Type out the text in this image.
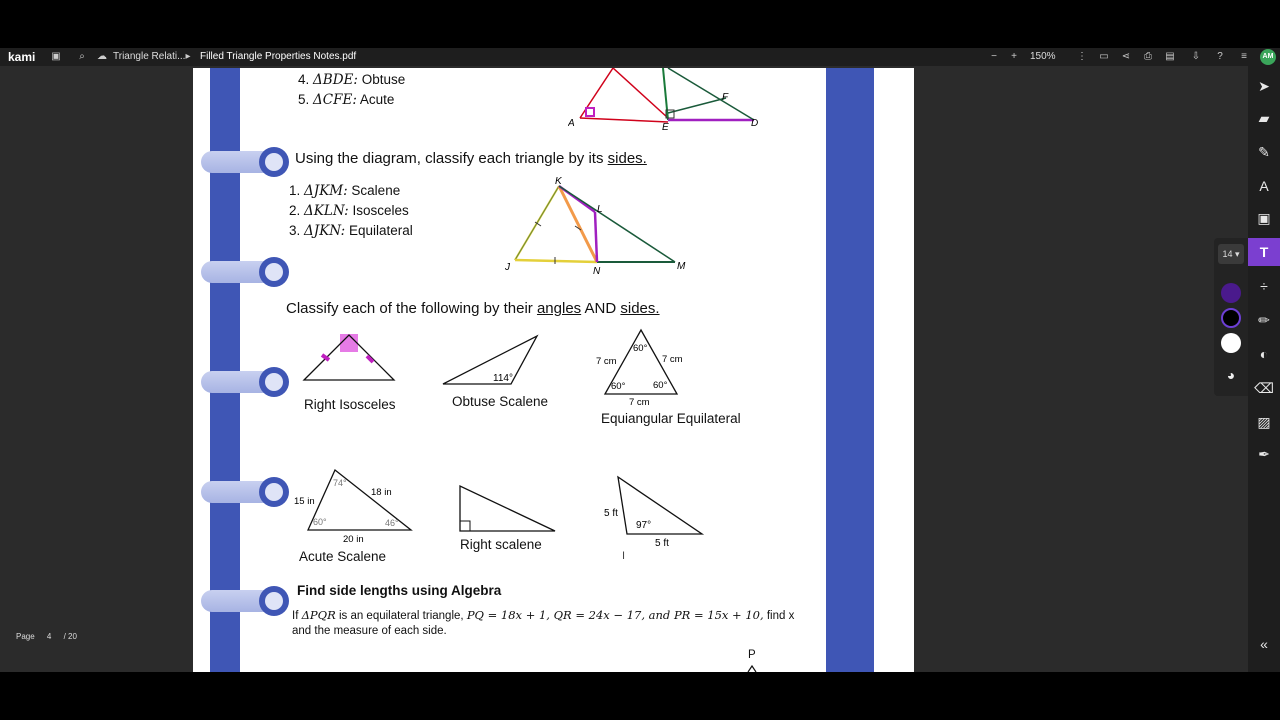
kami ▣	⌕	☁ Triangle Relati... ▸ Filled Triangle Properties Notes.pdf	−	+	150% ⋮ ▭ ⋖ ⎙ ▤ ⇩	?	≡	AM
Page 4 / 20
➤
▰
✎
A
▣
T
÷
✏
◐
⌫
▨
✒
«
14 ▾
◕
4. ΔBDE: Obtuse
5. ΔCFE: Acute	F
A	E	D
Using the diagram, classify each triangle by its sides.
1. ΔJKM: Scalene
2. ΔKLN: Isosceles
3. ΔJKN: Equilateral
K
L
J	N	M
Classify each of the following by their angles AND sides.
Right Isosceles
114°
Obtuse Scalene
60°
7 cm	7 cm
60°	60°
7 cm
Equiangular Equilateral
74°
15 in
18 in
60°	46°
20 in
Acute Scalene
Right scalene
5 ft
97°
5 ft
I
Find side lengths using Algebra
If ΔPQR is an equilateral triangle, PQ = 18x + 1, QR = 24x − 17, and PR = 15x + 10, find x
and the measure of each side.
P
